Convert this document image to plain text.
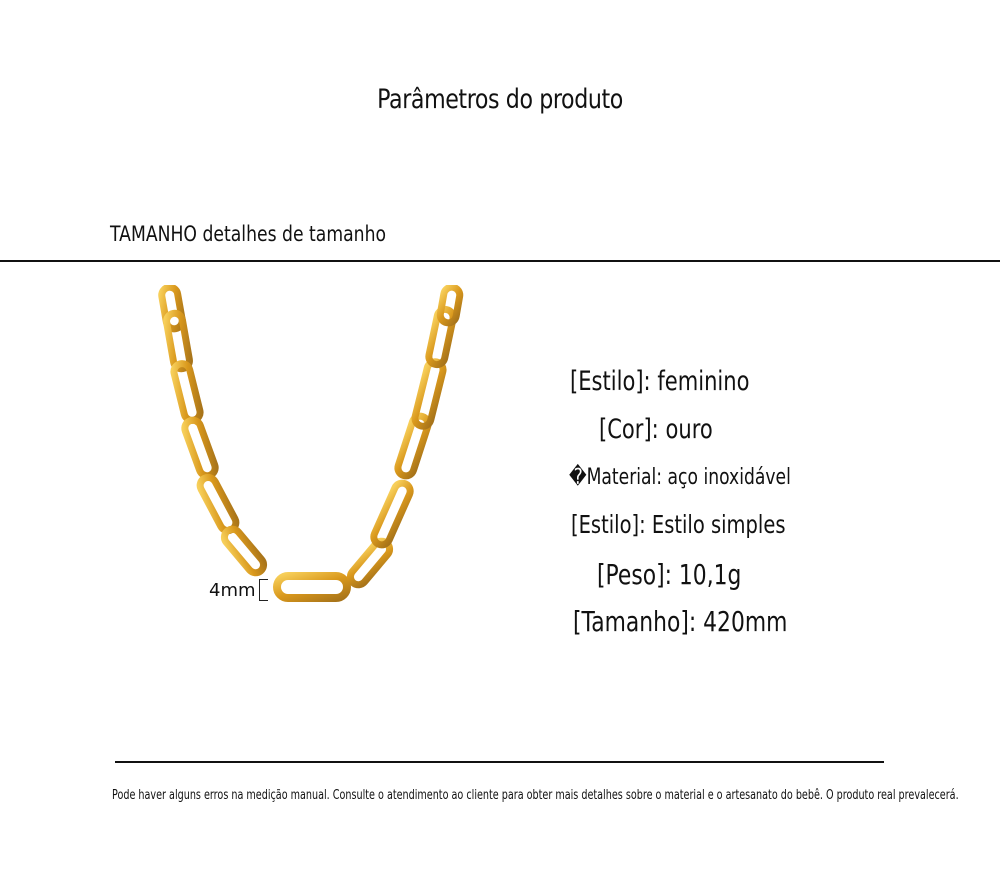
Parâmetros do produto
TAMANHO detalhes de tamanho
4mm
[Estilo]: feminino
[Cor]: ouro
�Material: aço inoxidável
[Estilo]: Estilo simples
[Peso]: 10,1g
[Tamanho]: 420mm
Pode haver alguns erros na medição manual. Consulte o atendimento ao cliente para obter mais detalhes sobre o material e o artesanato do bebê. O produto real prevalecerá.
